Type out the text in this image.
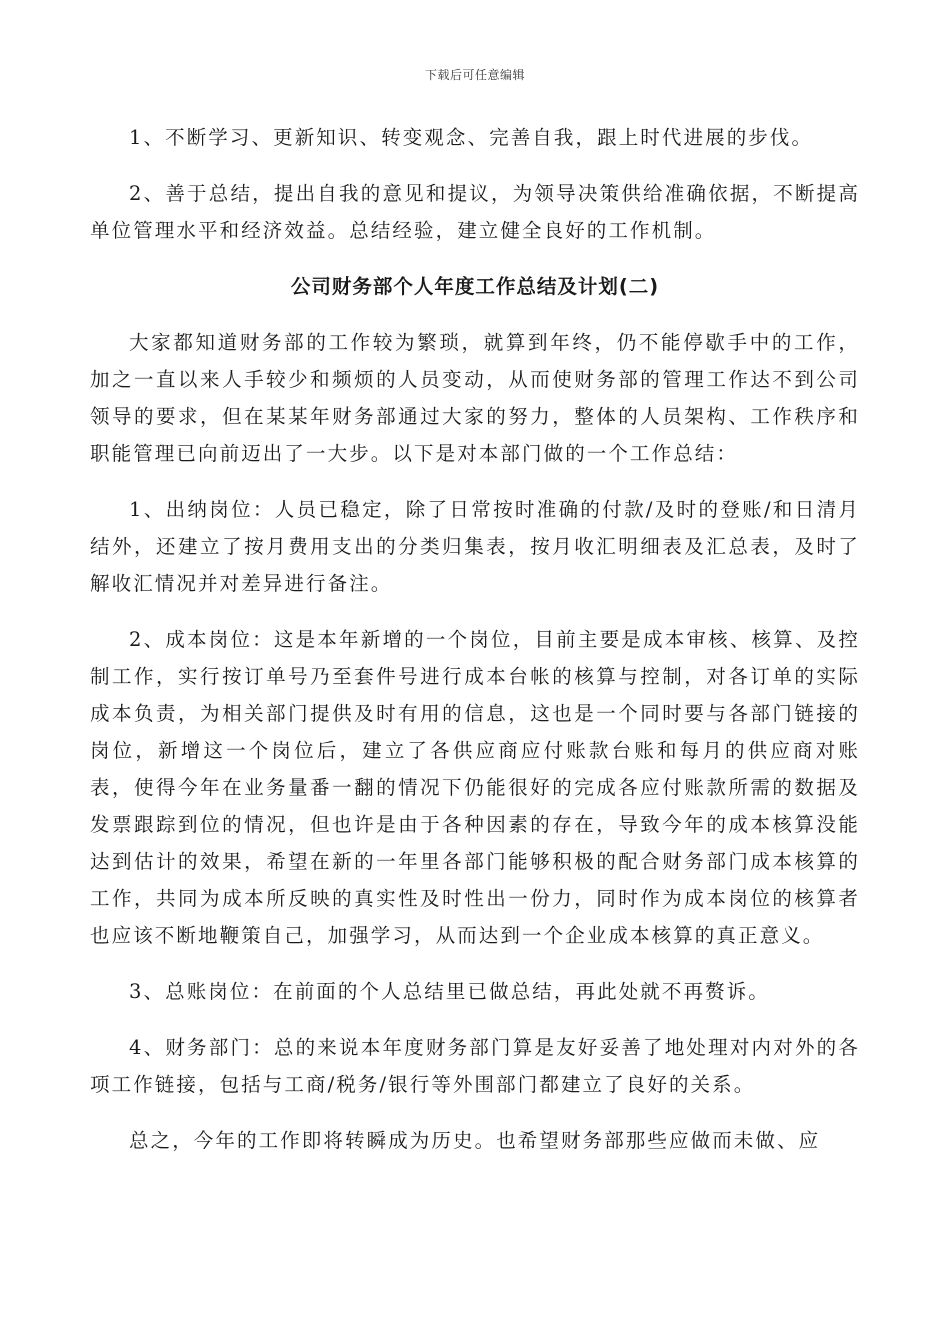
下载后可任意编辑

1、不断学习、更新知识、转变观念、完善自我，跟上时代进展的步伐。

2、善于总结，提出自我的意见和提议，为领导决策供给准确依据，不断提高单位管理水平和经济效益。总结经验，建立健全良好的工作机制。

公司财务部个人年度工作总结及计划(二)

大家都知道财务部的工作较为繁琐，就算到年终，仍不能停歇手中的工作，加之一直以来人手较少和频烦的人员变动，从而使财务部的管理工作达不到公司领导的要求，但在某某年财务部通过大家的努力，整体的人员架构、工作秩序和职能管理已向前迈出了一大步。以下是对本部门做的一个工作总结：

1、出纳岗位：人员已稳定，除了日常按时准确的付款/及时的登账/和日清月结外，还建立了按月费用支出的分类归集表，按月收汇明细表及汇总表，及时了解收汇情况并对差异进行备注。

2、成本岗位：这是本年新增的一个岗位，目前主要是成本审核、核算、及控制工作，实行按订单号乃至套件号进行成本台帐的核算与控制，对各订单的实际成本负责，为相关部门提供及时有用的信息，这也是一个同时要与各部门链接的岗位，新增这一个岗位后，建立了各供应商应付账款台账和每月的供应商对账表，使得今年在业务量番一翻的情况下仍能很好的完成各应付账款所需的数据及发票跟踪到位的情况，但也许是由于各种因素的存在，导致今年的成本核算没能达到估计的效果，希望在新的一年里各部门能够积极的配合财务部门成本核算的工作，共同为成本所反映的真实性及时性出一份力，同时作为成本岗位的核算者也应该不断地鞭策自己，加强学习，从而达到一个企业成本核算的真正意义。

3、总账岗位：在前面的个人总结里已做总结，再此处就不再赘诉。

4、财务部门：总的来说本年度财务部门算是友好妥善了地处理对内对外的各项工作链接，包括与工商/税务/银行等外围部门都建立了良好的关系。

总之，今年的工作即将转瞬成为历史。也希望财务部那些应做而未做、应
